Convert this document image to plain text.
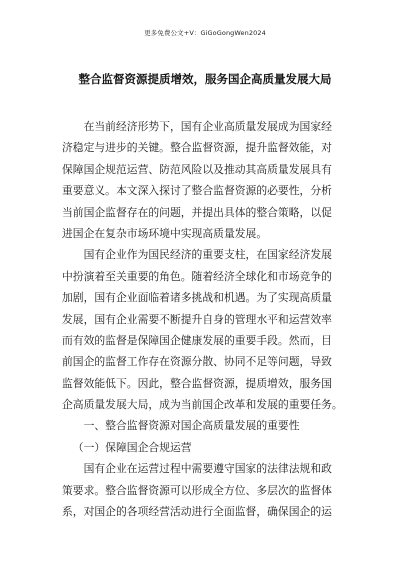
更多免费公文+V：GiGoGongWen2024
整合监督资源提质增效，服务国企高质量发展大局
在当前经济形势下，国有企业高质量发展成为国家经
济稳定与进步的关键。整合监督资源，提升监督效能，对
保障国企规范运营、防范风险以及推动其高质量发展具有
重要意义。本文深入探讨了整合监督资源的必要性，分析
当前国企监督存在的问题，并提出具体的整合策略，以促
进国企在复杂市场环境中实现高质量发展。
国有企业作为国民经济的重要支柱，在国家经济发展
中扮演着至关重要的角色。随着经济全球化和市场竞争的
加剧，国有企业面临着诸多挑战和机遇。为了实现高质量
发展，国有企业需要不断提升自身的管理水平和运营效率
而有效的监督是保障国企健康发展的重要手段。然而，目
前国企的监督工作存在资源分散、协同不足等问题，导致
监督效能低下。因此，整合监督资源，提质增效，服务国
企高质量发展大局，成为当前国企改革和发展的重要任务。
一、整合监督资源对国企高质量发展的重要性
（一）保障国企合规运营
国有企业在运营过程中需要遵守国家的法律法规和政
策要求。整合监督资源可以形成全方位、多层次的监督体
系，对国企的各项经营活动进行全面监督，确保国企的运
